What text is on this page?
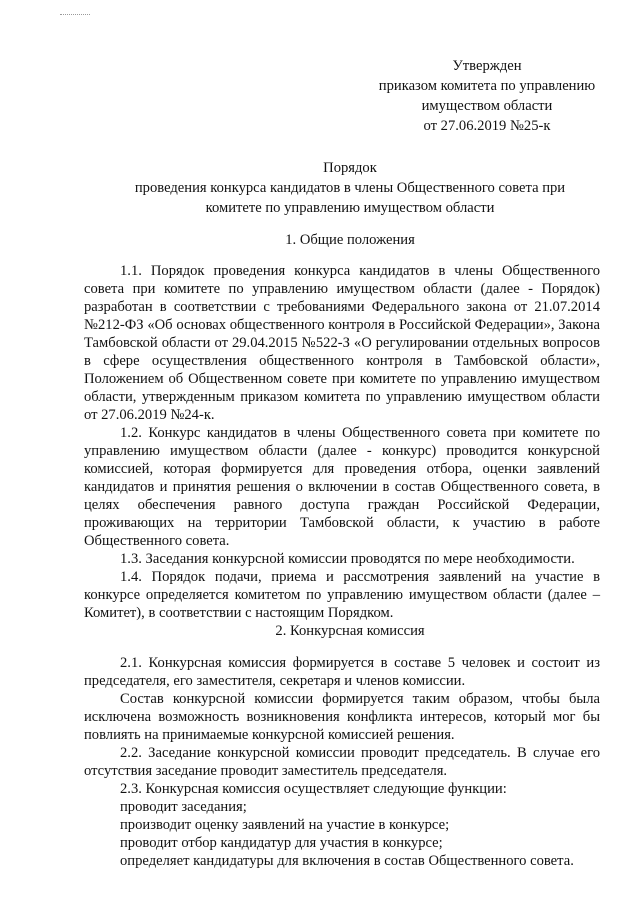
Утвержден
приказом комитета по управлению
имуществом области
от 27.06.2019 №25-к
Порядок
проведения конкурса кандидатов в члены Общественного совета при
комитете по управлению имуществом области
1. Общие положения

1.1. Порядок проведения конкурса кандидатов в члены Общественного совета при комитете по управлению имуществом области (далее - Порядок) разработан в соответствии с требованиями Федерального закона от 21.07.2014 №212-ФЗ «Об основах общественного контроля в Российской Федерации», Закона Тамбовской области от 29.04.2015 №522-З «О регулировании отдельных вопросов в сфере осуществления общественного контроля в Тамбовской области», Положением об Общественном совете при комитете по управлению имуществом области, утвержденным приказом комитета по управлению имуществом области от 27.06.2019 №24-к.

1.2. Конкурс кандидатов в члены Общественного совета при комитете по управлению имуществом области (далее - конкурс) проводится конкурсной комиссией, которая формируется для проведения отбора, оценки заявлений кандидатов и принятия решения о включении в состав Общественного совета, в целях обеспечения равного доступа граждан Российской Федерации, проживающих на территории Тамбовской области, к участию в работе Общественного совета.

1.3. Заседания конкурсной комиссии проводятся по мере необходимости.

1.4. Порядок подачи, приема и рассмотрения заявлений на участие в конкурсе определяется комитетом по управлению имуществом области (далее – Комитет), в соответствии с настоящим Порядком.

2. Конкурсная комиссия

2.1. Конкурсная комиссия формируется в составе 5 человек и состоит из председателя, его заместителя, секретаря и членов комиссии.

Состав конкурсной комиссии формируется таким образом, чтобы была исключена возможность возникновения конфликта интересов, который мог бы повлиять на принимаемые конкурсной комиссией решения.

2.2. Заседание конкурсной комиссии проводит председатель. В случае его отсутствия заседание проводит заместитель председателя.

2.3. Конкурсная комиссия осуществляет следующие функции:

проводит заседания;

производит оценку заявлений на участие в конкурсе;

проводит отбор кандидатур для участия в конкурсе;

определяет кандидатуры для включения в состав Общественного совета.
